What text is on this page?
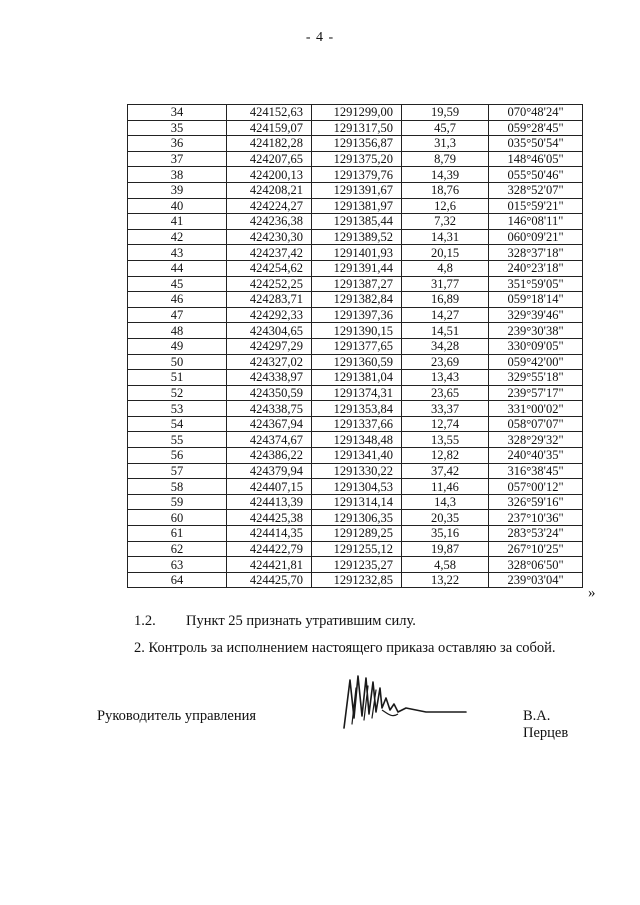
- 4 -
34	424152,63	1291299,00	19,59	070°48'24"
35	424159,07	1291317,50	45,7	059°28'45"
36	424182,28	1291356,87	31,3	035°50'54"
37	424207,65	1291375,20	8,79	148°46'05"
38	424200,13	1291379,76	14,39	055°50'46"
39	424208,21	1291391,67	18,76	328°52'07"
40	424224,27	1291381,97	12,6	015°59'21"
41	424236,38	1291385,44	7,32	146°08'11"
42	424230,30	1291389,52	14,31	060°09'21"
43	424237,42	1291401,93	20,15	328°37'18"
44	424254,62	1291391,44	4,8	240°23'18"
45	424252,25	1291387,27	31,77	351°59'05"
46	424283,71	1291382,84	16,89	059°18'14"
47	424292,33	1291397,36	14,27	329°39'46"
48	424304,65	1291390,15	14,51	239°30'38"
49	424297,29	1291377,65	34,28	330°09'05"
50	424327,02	1291360,59	23,69	059°42'00"
51	424338,97	1291381,04	13,43	329°55'18"
52	424350,59	1291374,31	23,65	239°57'17"
53	424338,75	1291353,84	33,37	331°00'02"
54	424367,94	1291337,66	12,74	058°07'07"
55	424374,67	1291348,48	13,55	328°29'32"
56	424386,22	1291341,40	12,82	240°40'35"
57	424379,94	1291330,22	37,42	316°38'45"
58	424407,15	1291304,53	11,46	057°00'12"
59	424413,39	1291314,14	14,3	326°59'16"
60	424425,38	1291306,35	20,35	237°10'36"
61	424414,35	1291289,25	35,16	283°53'24"
62	424422,79	1291255,12	19,87	267°10'25"
63	424421,81	1291235,27	4,58	328°06'50"
64	424425,70	1291232,85	13,22	239°03'04"
»
1.2. Пункт 25 признать утратившим силу.
2. Контроль за исполнением настоящего приказа оставляю за собой.
Руководитель управления	В.А. Перцев
